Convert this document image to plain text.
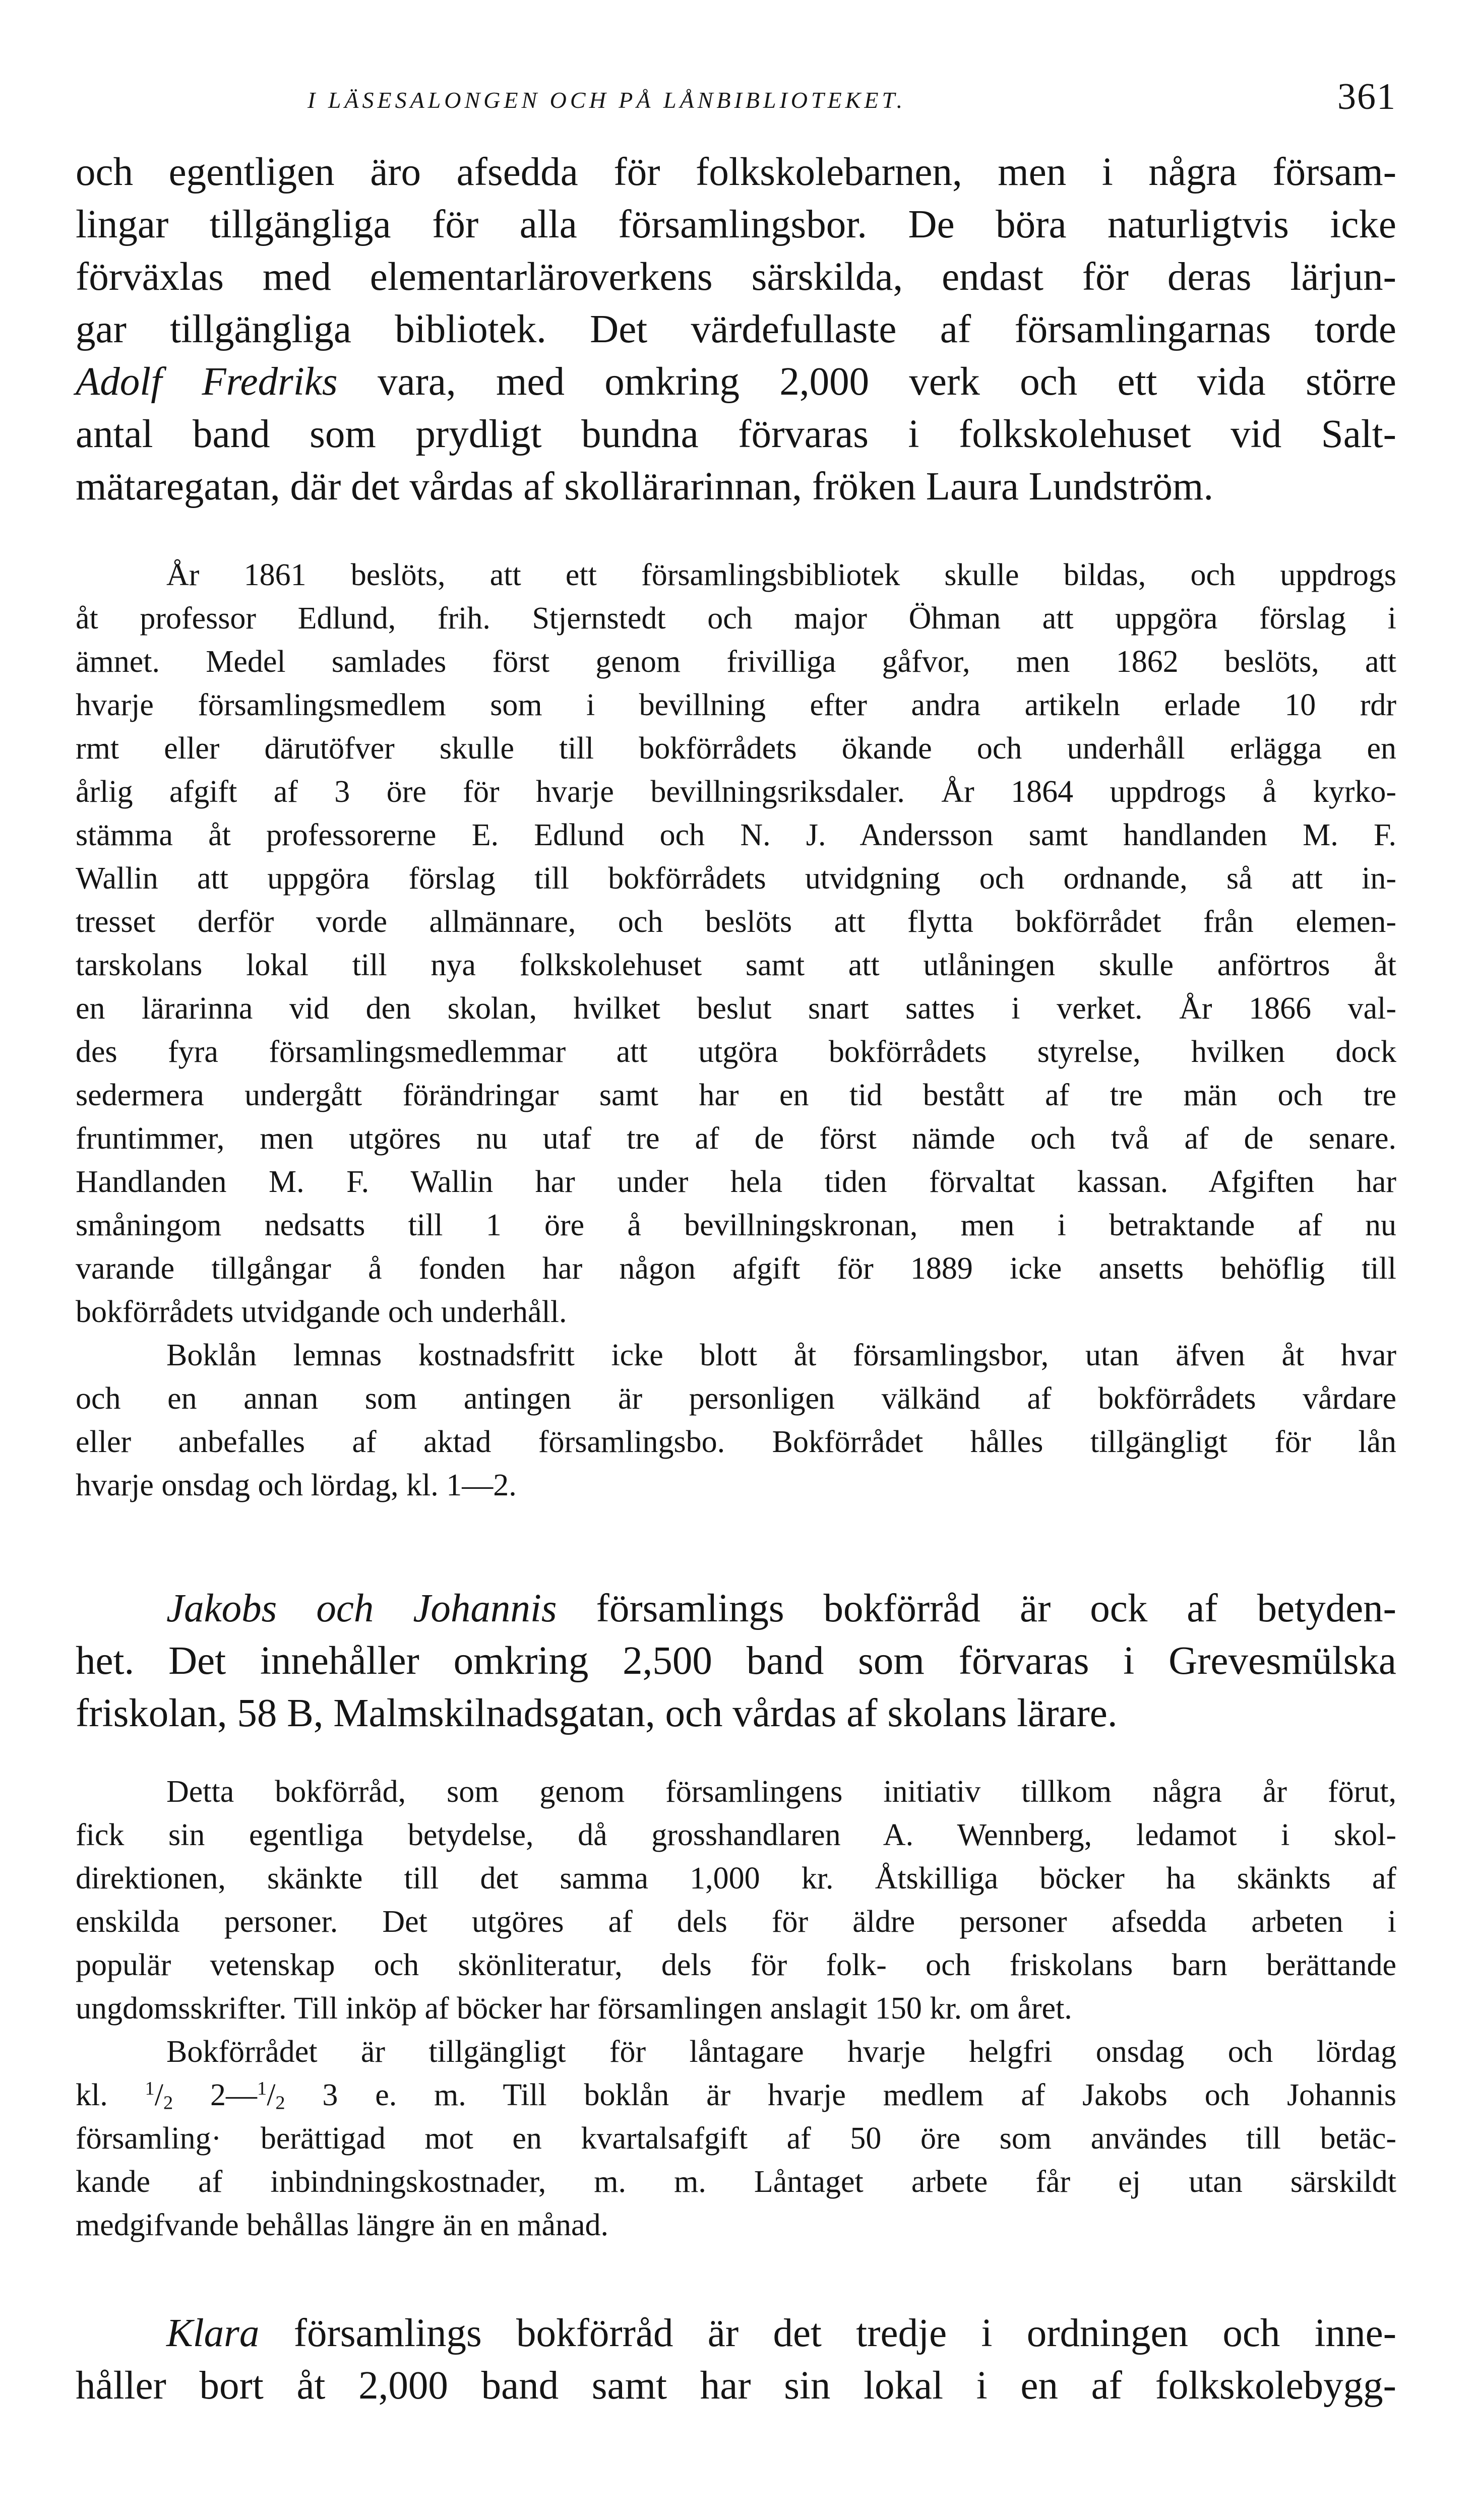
I LÄSESALONGEN OCH PÅ LÅNBIBLIOTEKET.	361
och egentligen äro afsedda för folkskolebarnen, men i några försam-
lingar tillgängliga för alla församlingsbor. De böra naturligtvis icke
förväxlas med elementarläroverkens särskilda, endast för deras lärjun-
gar tillgängliga bibliotek. Det värdefullaste af församlingarnas torde
Adolf Fredriks vara, med omkring 2,000 verk och ett vida större
antal band som prydligt bundna förvaras i folkskolehuset vid Salt-
mätaregatan, där det vårdas af skollärarinnan, fröken Laura Lundström.
År 1861 beslöts, att ett församlingsbibliotek skulle bildas, och uppdrogs
åt professor Edlund, frih. Stjernstedt och major Öhman att uppgöra förslag i
ämnet. Medel samlades först genom frivilliga gåfvor, men 1862 beslöts, att
hvarje församlingsmedlem som i bevillning efter andra artikeln erlade 10 rdr
rmt eller därutöfver skulle till bokförrådets ökande och underhåll erlägga en
årlig afgift af 3 öre för hvarje bevillningsriksdaler. År 1864 uppdrogs å kyrko-
stämma åt professorerne E. Edlund och N. J. Andersson samt handlanden M. F.
Wallin att uppgöra förslag till bokförrådets utvidgning och ordnande, så att in-
tresset derför vorde allmännare, och beslöts att flytta bokförrådet från elemen-
tarskolans lokal till nya folkskolehuset samt att utlåningen skulle anförtros åt
en lärarinna vid den skolan, hvilket beslut snart sattes i verket. År 1866 val-
des fyra församlingsmedlemmar att utgöra bokförrådets styrelse, hvilken dock
sedermera undergått förändringar samt har en tid bestått af tre män och tre
fruntimmer, men utgöres nu utaf tre af de först nämde och två af de senare.
Handlanden M. F. Wallin har under hela tiden förvaltat kassan. Afgiften har
småningom nedsatts till 1 öre å bevillningskronan, men i betraktande af nu
varande tillgångar å fonden har någon afgift för 1889 icke ansetts behöflig till
bokförrådets utvidgande och underhåll.
Boklån lemnas kostnadsfritt icke blott åt församlingsbor, utan äfven åt hvar
och en annan som antingen är personligen välkänd af bokförrådets vårdare
eller anbefalles af aktad församlingsbo. Bokförrådet hålles tillgängligt för lån
hvarje onsdag och lördag, kl. 1—2.
Jakobs och Johannis församlings bokförråd är ock af betyden-
het. Det innehåller omkring 2,500 band som förvaras i Grevesmülska
friskolan, 58 B, Malmskilnadsgatan, och vårdas af skolans lärare.
Detta bokförråd, som genom församlingens initiativ tillkom några år förut,
fick sin egentliga betydelse, då grosshandlaren A. Wennberg, ledamot i skol-
direktionen, skänkte till det samma 1,000 kr. Åtskilliga böcker ha skänkts af
enskilda personer. Det utgöres af dels för äldre personer afsedda arbeten i
populär vetenskap och skönliteratur, dels för folk- och friskolans barn berättande
ungdomsskrifter. Till inköp af böcker har församlingen anslagit 150 kr. om året.
Bokförrådet är tillgängligt för låntagare hvarje helgfri onsdag och lördag
kl. $^1/_2$ $2—^1/_2$ 3 e. m. Till boklån är hvarje medlem af Jakobs och Johannis
församling· berättigad mot en kvartalsafgift af 50 öre som användes till betäc-
kande af inbindningskostnader, m. m. Låntaget arbete får ej utan särskildt
medgifvande behållas längre än en månad.
Klara församlings bokförråd är det tredje i ordningen och inne-
håller bort åt 2,000 band samt har sin lokal i en af folkskolebygg-
